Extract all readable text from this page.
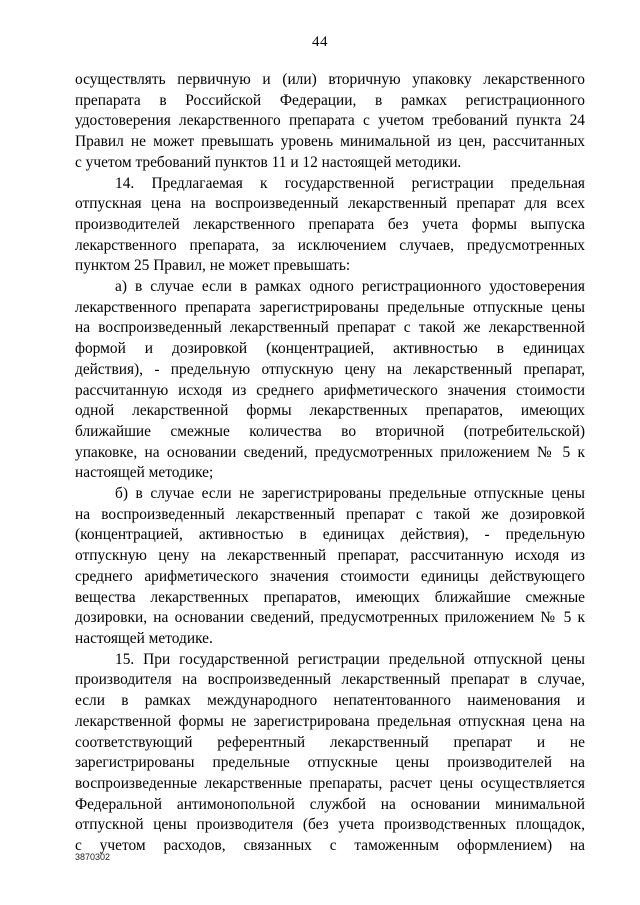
44

осуществлять первичную и (или) вторичную упаковку лекарственного

препарата в Российской Федерации, в рамках регистрационного

удостоверения лекарственного препарата с учетом требований пункта 24

Правил не может превышать уровень минимальной из цен, рассчитанных

с учетом требований пунктов 11 и 12 настоящей методики.

14. Предлагаемая к государственной регистрации предельная

отпускная цена на воспроизведенный лекарственный препарат для всех

производителей лекарственного препарата без учета формы выпуска

лекарственного препарата, за исключением случаев, предусмотренных

пунктом 25 Правил, не может превышать:

а) в случае если в рамках одного регистрационного удостоверения

лекарственного препарата зарегистрированы предельные отпускные цены

на воспроизведенный лекарственный препарат с такой же лекарственной

формой и дозировкой (концентрацией, активностью в единицах

действия), - предельную отпускную цену на лекарственный препарат,

рассчитанную исходя из среднего арифметического значения стоимости

одной лекарственной формы лекарственных препаратов, имеющих

ближайшие смежные количества во вторичной (потребительской)

упаковке, на основании сведений, предусмотренных приложением № 5 к

настоящей методике;

б) в случае если не зарегистрированы предельные отпускные цены

на воспроизведенный лекарственный препарат с такой же дозировкой

(концентрацией, активностью в единицах действия), - предельную

отпускную цену на лекарственный препарат, рассчитанную исходя из

среднего арифметического значения стоимости единицы действующего

вещества лекарственных препаратов, имеющих ближайшие смежные

дозировки, на основании сведений, предусмотренных приложением № 5 к

настоящей методике.

15. При государственной регистрации предельной отпускной цены

производителя на воспроизведенный лекарственный препарат в случае,

если в рамках международного непатентованного наименования и

лекарственной формы не зарегистрирована предельная отпускная цена на

соответствующий референтный лекарственный препарат и не

зарегистрированы предельные отпускные цены производителей на

воспроизведенные лекарственные препараты, расчет цены осуществляется

Федеральной антимонопольной службой на основании минимальной

отпускной цены производителя (без учета производственных площадок,

с учетом расходов, связанных с таможенным оформлением) на

3870302
